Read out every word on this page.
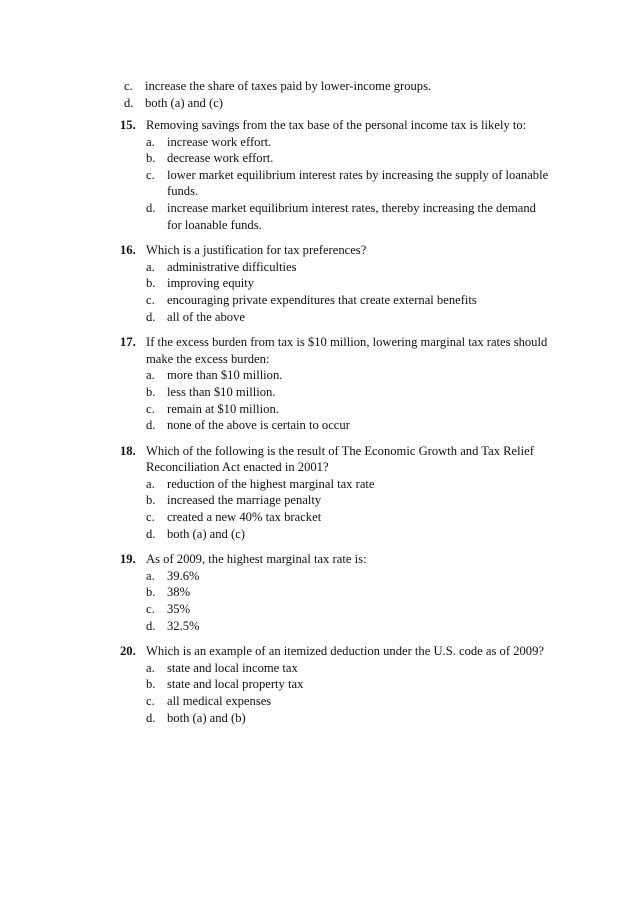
c. increase the share of taxes paid by lower-income groups.
d. both (a) and (c)
15. Removing savings from the tax base of the personal income tax is likely to:
a. increase work effort.
b. decrease work effort.
c. lower market equilibrium interest rates by increasing the supply of loanable funds.
d. increase market equilibrium interest rates, thereby increasing the demand for loanable funds.
16. Which is a justification for tax preferences?
a. administrative difficulties
b. improving equity
c. encouraging private expenditures that create external benefits
d. all of the above
17. If the excess burden from tax is $10 million, lowering marginal tax rates should make the excess burden:
a. more than $10 million.
b. less than $10 million.
c. remain at $10 million.
d. none of the above is certain to occur
18. Which of the following is the result of The Economic Growth and Tax Relief Reconciliation Act enacted in 2001?
a. reduction of the highest marginal tax rate
b. increased the marriage penalty
c. created a new 40% tax bracket
d. both (a) and (c)
19. As of 2009, the highest marginal tax rate is:
a. 39.6%
b. 38%
c. 35%
d. 32.5%
20. Which is an example of an itemized deduction under the U.S. code as of 2009?
a. state and local income tax
b. state and local property tax
c. all medical expenses
d. both (a) and (b)
